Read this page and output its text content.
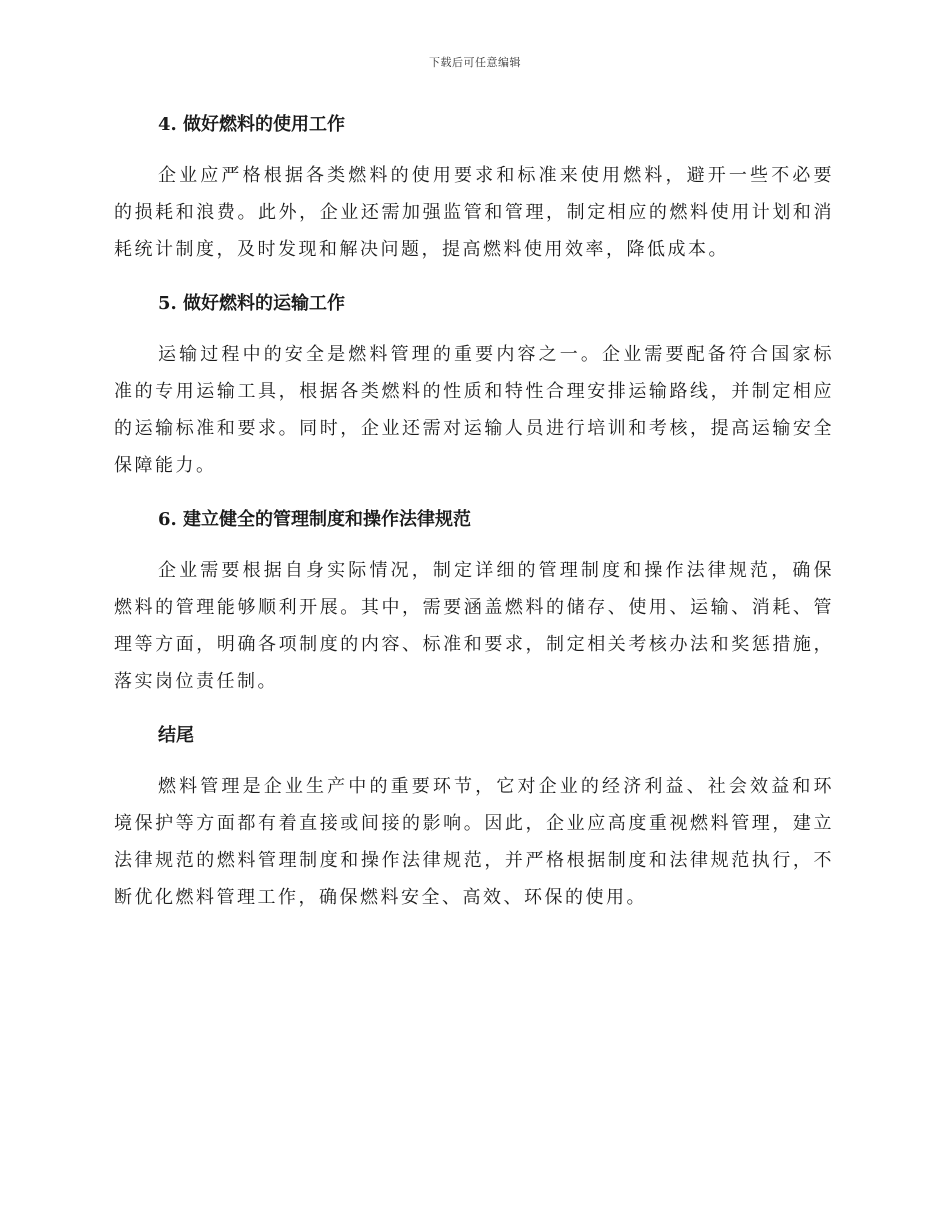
下载后可任意编辑
4. 做好燃料的使用工作

企业应严格根据各类燃料的使用要求和标准来使用燃料，避开一些不必要的损耗和浪费。此外，企业还需加强监管和管理，制定相应的燃料使用计划和消耗统计制度，及时发现和解决问题，提高燃料使用效率，降低成本。

5. 做好燃料的运输工作

运输过程中的安全是燃料管理的重要内容之一。企业需要配备符合国家标准的专用运输工具，根据各类燃料的性质和特性合理安排运输路线，并制定相应的运输标准和要求。同时，企业还需对运输人员进行培训和考核，提高运输安全保障能力。

6. 建立健全的管理制度和操作法律规范

企业需要根据自身实际情况，制定详细的管理制度和操作法律规范，确保燃料的管理能够顺利开展。其中，需要涵盖燃料的储存、使用、运输、消耗、管理等方面，明确各项制度的内容、标准和要求，制定相关考核办法和奖惩措施，落实岗位责任制。

结尾

燃料管理是企业生产中的重要环节，它对企业的经济利益、社会效益和环境保护等方面都有着直接或间接的影响。因此，企业应高度重视燃料管理，建立法律规范的燃料管理制度和操作法律规范，并严格根据制度和法律规范执行，不断优化燃料管理工作，确保燃料安全、高效、环保的使用。
